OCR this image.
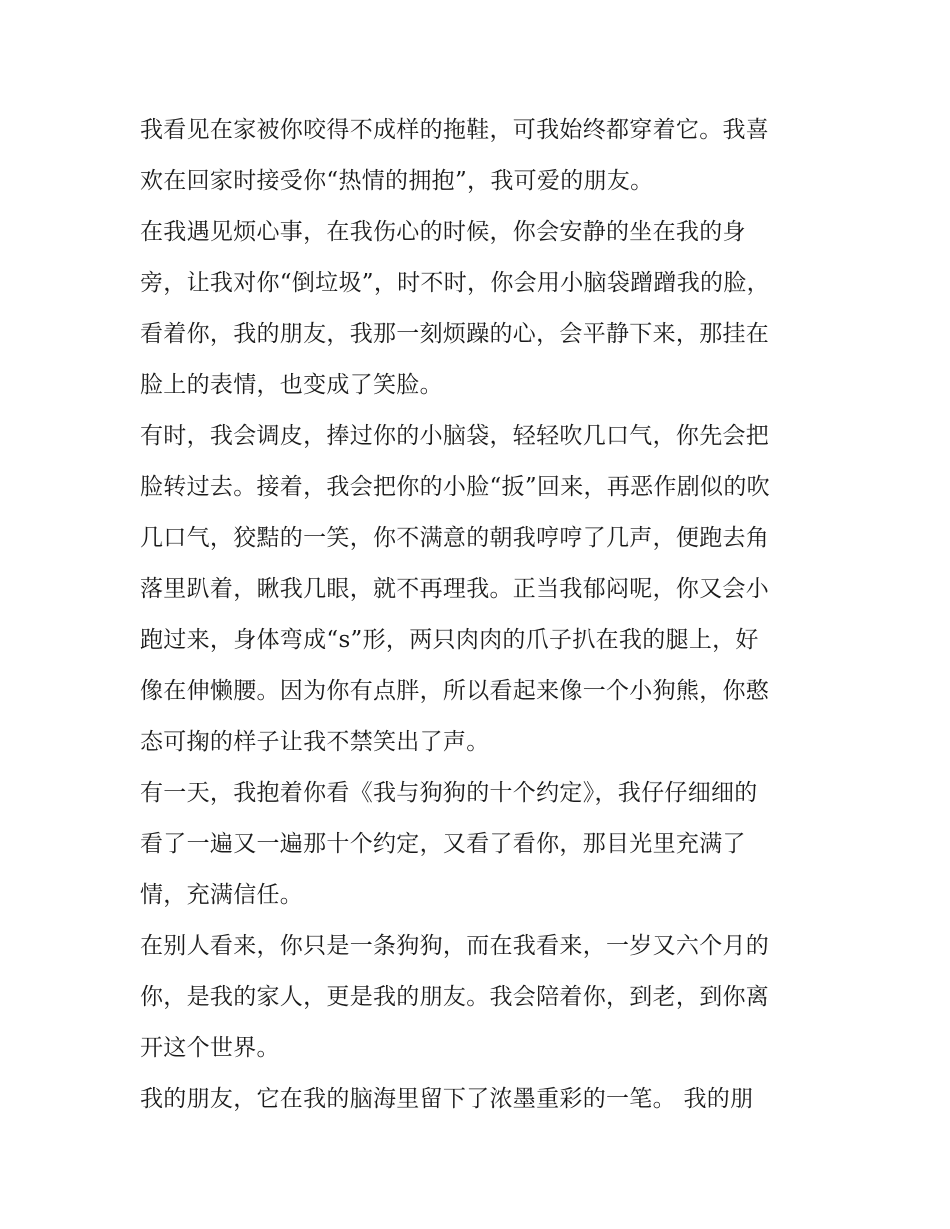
我看见在家被你咬得不成样的拖鞋，可我始终都穿着它。我喜
欢在回家时接受你“热情的拥抱”，我可爱的朋友。

在我遇见烦心事，在我伤心的时候，你会安静的坐在我的身
旁，让我对你“倒垃圾”，时不时，你会用小脑袋蹭蹭我的脸，
看着你，我的朋友，我那一刻烦躁的心，会平静下来，那挂在
脸上的表情，也变成了笑脸。

有时，我会调皮，捧过你的小脑袋，轻轻吹几口气，你先会把
脸转过去。接着，我会把你的小脸“扳”回来，再恶作剧似的吹
几口气，狡黠的一笑，你不满意的朝我哼哼了几声，便跑去角
落里趴着，瞅我几眼，就不再理我。正当我郁闷呢，你又会小
跑过来，身体弯成“s”形，两只肉肉的爪子扒在我的腿上，好
像在伸懒腰。因为你有点胖，所以看起来像一个小狗熊，你憨
态可掬的样子让我不禁笑出了声。

有一天，我抱着你看《我与狗狗的十个约定》，我仔仔细细的
看了一遍又一遍那十个约定，又看了看你，那目光里充满了
情，充满信任。

在别人看来，你只是一条狗狗，而在我看来，一岁又六个月的
你，是我的家人，更是我的朋友。我会陪着你，到老，到你离
开这个世界。

我的朋友，它在我的脑海里留下了浓墨重彩的一笔。 我的朋
